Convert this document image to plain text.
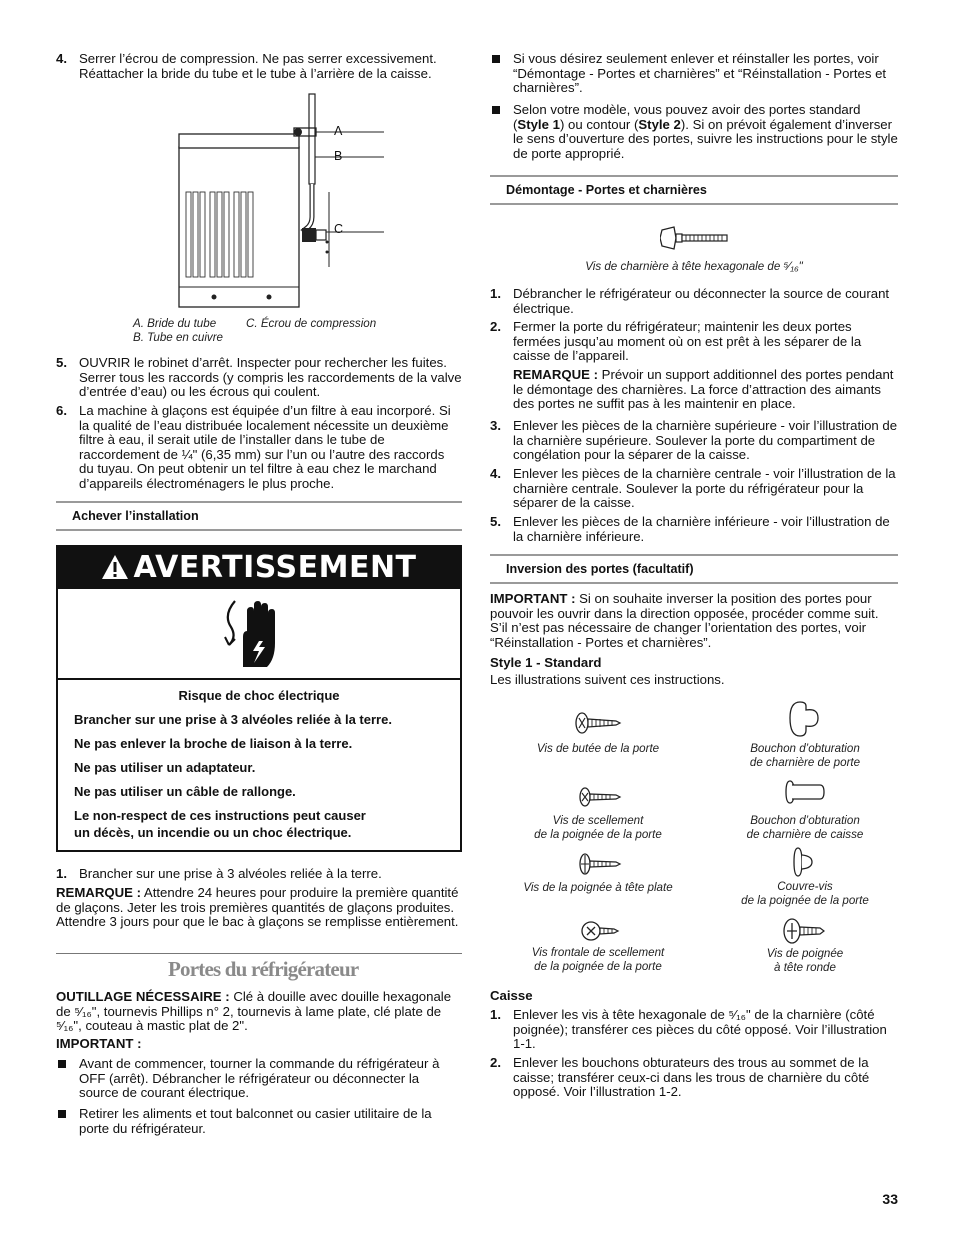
4. Serrer l’écrou de compression. Ne pas serrer excessivement. Réattacher la bride du tube et le tube à l’arrière de la caisse.
A
B
C
A. Bride du tube
B. Tube en cuivre
C. Écrou de compression
5. OUVRIR le robinet d’arrêt. Inspecter pour rechercher les fuites. Serrer tous les raccords (y compris les raccordements de la valve d’entrée d’eau) ou les écrous qui coulent.
6. La machine à glaçons est équipée d’un filtre à eau incorporé. Si la qualité de l’eau distribuée localement nécessite un deuxième filtre à eau, il serait utile de l’installer dans le tube de raccordement de ¼" (6,35 mm) sur l’un ou l’autre des raccords du tuyau. On peut obtenir un tel filtre à eau chez le marchand d’appareils électroménagers le plus proche.
Achever l’installation
AVERTISSEMENT
Risque de choc électrique
Brancher sur une prise à 3 alvéoles reliée à la terre.
Ne pas enlever la broche de liaison à la terre.
Ne pas utiliser un adaptateur.
Ne pas utiliser un câble de rallonge.
Le non-respect de ces instructions peut causer
un décès, un incendie ou un choc électrique.
1. Brancher sur une prise à 3 alvéoles reliée à la terre.
REMARQUE : Attendre 24 heures pour produire la première quantité de glaçons. Jeter les trois premières quantités de glaçons produites. Attendre 3 jours pour que le bac à glaçons se remplisse entièrement.
Portes du réfrigérateur
OUTILLAGE NÉCESSAIRE : Clé à douille avec douille hexagonale de ⁵⁄₁₆", tournevis Phillips n° 2, tournevis à lame plate, clé plate de ⁵⁄₁₆", couteau à mastic plat de 2".
IMPORTANT :
Avant de commencer, tourner la commande du réfrigérateur à OFF (arrêt). Débrancher le réfrigérateur ou déconnecter la source de courant électrique.
Retirer les aliments et tout balconnet ou casier utilitaire de la porte du réfrigérateur.
Si vous désirez seulement enlever et réinstaller les portes, voir “Démontage - Portes et charnières” et “Réinstallation - Portes et charnières”.
Selon votre modèle, vous pouvez avoir des portes standard (Style 1) ou contour (Style 2). Si on prévoit également d’inverser le sens d’ouverture des portes, suivre les instructions pour le style de porte approprié.
Démontage - Portes et charnières
Vis de charnière à tête hexagonale de ⁵⁄₁₆"
1. Débrancher le réfrigérateur ou déconnecter la source de courant électrique.
2. Fermer la porte du réfrigérateur; maintenir les deux portes fermées jusqu’au moment où on est prêt à les séparer de la caisse de l’appareil.
REMARQUE : Prévoir un support additionnel des portes pendant le démontage des charnières. La force d’attraction des aimants des portes ne suffit pas à les maintenir en place.
3. Enlever les pièces de la charnière supérieure - voir l’illustration de la charnière supérieure. Soulever la porte du compartiment de congélation pour la séparer de la caisse.
4. Enlever les pièces de la charnière centrale - voir l’illustration de la charnière centrale. Soulever la porte du réfrigérateur pour la séparer de la caisse.
5. Enlever les pièces de la charnière inférieure - voir l’illustration de la charnière inférieure.
Inversion des portes (facultatif)
IMPORTANT : Si on souhaite inverser la position des portes pour pouvoir les ouvrir dans la direction opposée, procéder comme suit. S’il n’est pas nécessaire de changer l’orientation des portes, voir “Réinstallation - Portes et charnières”.
Style 1 - Standard
Les illustrations suivent ces instructions.
Vis de butée de la porte	Bouchon d’obturation
de charnière de porte
Vis de scellement
de la poignée de la porte
Bouchon d’obturation
de charnière de caisse
Vis de la poignée à tête plate	Couvre-vis
de la poignée de la porte
Vis frontale de scellement
de la poignée de la porte
Vis de poignée
à tête ronde
Caisse
1. Enlever les vis à tête hexagonale de ⁵⁄₁₆" de la charnière (côté poignée); transférer ces pièces du côté opposé. Voir l’illustration 1-1.
2. Enlever les bouchons obturateurs des trous au sommet de la caisse; transférer ceux-ci dans les trous de charnière du côté opposé. Voir l’illustration 1-2.
33
